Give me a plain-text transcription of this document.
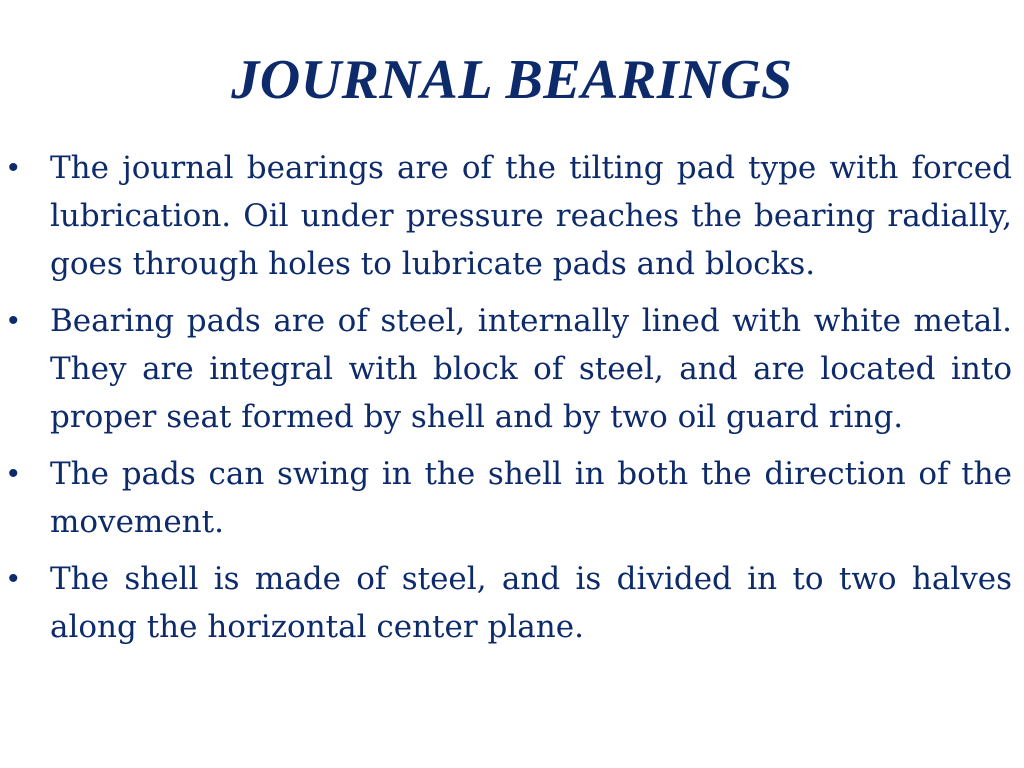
JOURNAL BEARINGS
• The journal bearings are of the tilting pad type with forced lubrication. Oil under pressure reaches the bearing radially, goes through holes to lubricate pads and blocks.
• Bearing pads are of steel, internally lined with white metal. They are integral with block of steel, and are located into proper seat formed by shell and by two oil guard ring.
• The pads can swing in the shell in both the direction of the movement.
• The shell is made of steel, and is divided in to two halves along the horizontal center plane.
